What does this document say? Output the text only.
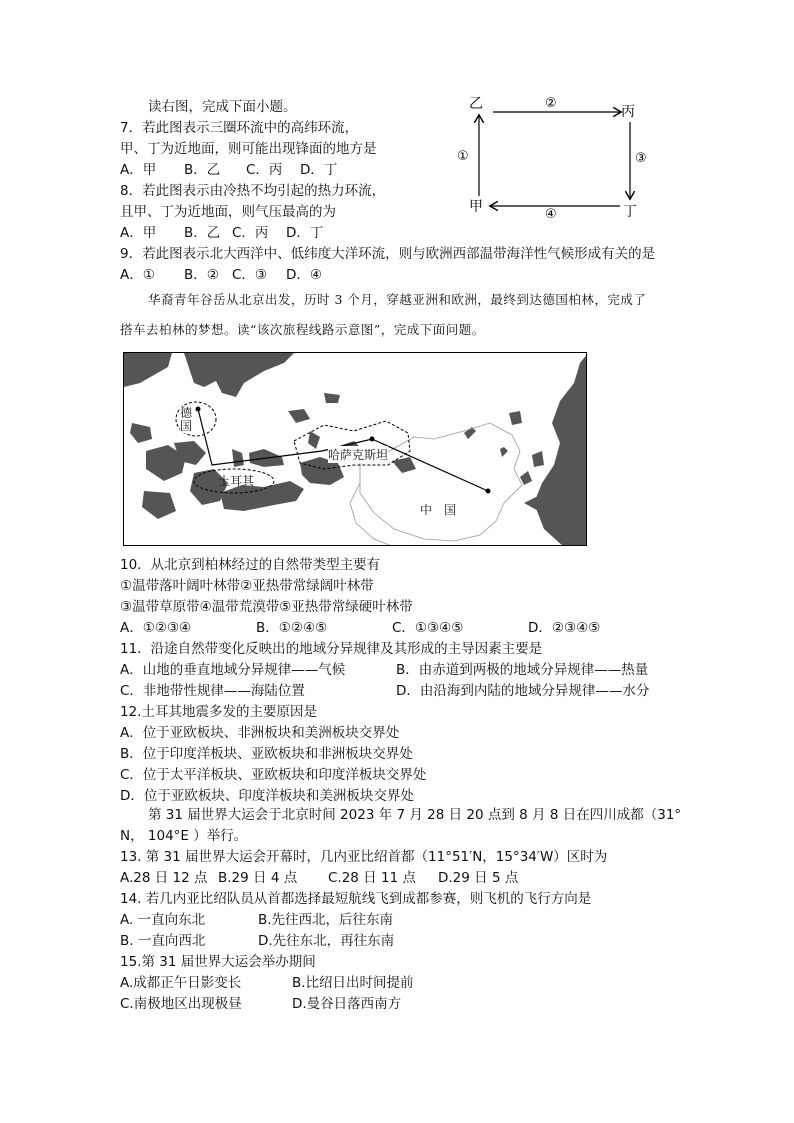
读右图，完成下面小题。	乙	丙
甲	丁
②
③
④
①
7．若此图表示三圈环流中的高纬环流，
甲、丁为近地面，则可能出现锋面的地方是
A．甲 B．乙 C．丙 D．丁
8．若此图表示由冷热不均引起的热力环流，
且甲、丁为近地面，则气压最高的为
A．甲 B．乙 C．丙 D．丁
9．若此图表示北大西洋中、低纬度大洋环流，则与欧洲西部温带海洋性气候形成有关的是
A．① B．② C．③ D．④
华裔青年谷岳从北京出发，历时 3 个月，穿越亚洲和欧洲，最终到达德国柏林，完成了
搭车去柏林的梦想。读“该次旅程线路示意图”，完成下面问题。
德国
土耳其
哈萨克斯坦
中　国
10．从北京到柏林经过的自然带类型主要有
①温带落叶阔叶林带②亚热带常绿阔叶林带
③温带草原带④温带荒漠带⑤亚热带常绿硬叶林带
A．①②③④	B．①②④⑤	C．①③④⑤	D．②③④⑤
11．沿途自然带变化反映出的地域分异规律及其形成的主导因素主要是
A．山地的垂直地域分异规律——气候	B．由赤道到两极的地域分异规律——热量
C．非地带性规律——海陆位置	D．由沿海到内陆的地域分异规律——水分
12.土耳其地震多发的主要原因是
A．位于亚欧板块、非洲板块和美洲板块交界处
B．位于印度洋板块、亚欧板块和非洲板块交界处
C．位于太平洋板块、亚欧板块和印度洋板块交界处
D．位于亚欧板块、印度洋板块和美洲板块交界处
第 31 届世界大运会于北京时间 2023 年 7 月 28 日 20 点到 8 月 8 日在四川成都（31°
N， 104°E ）举行。
13. 第 31 届世界大运会开幕时，几内亚比绍首都（11°51′N，15°34′W）区时为
A.28 日 12 点 B.29 日 4 点 C.28 日 11 点 D.29 日 5 点
14. 若几内亚比绍队员从首都选择最短航线飞到成都参赛，则飞机的飞行方向是
A. 一直向东北	B.先往西北，后往东南
B. 一直向西北	D.先往东北，再往东南
15.第 31 届世界大运会举办期间
A.成都正午日影变长	B.比绍日出时间提前
C.南极地区出现极昼	D.曼谷日落西南方
